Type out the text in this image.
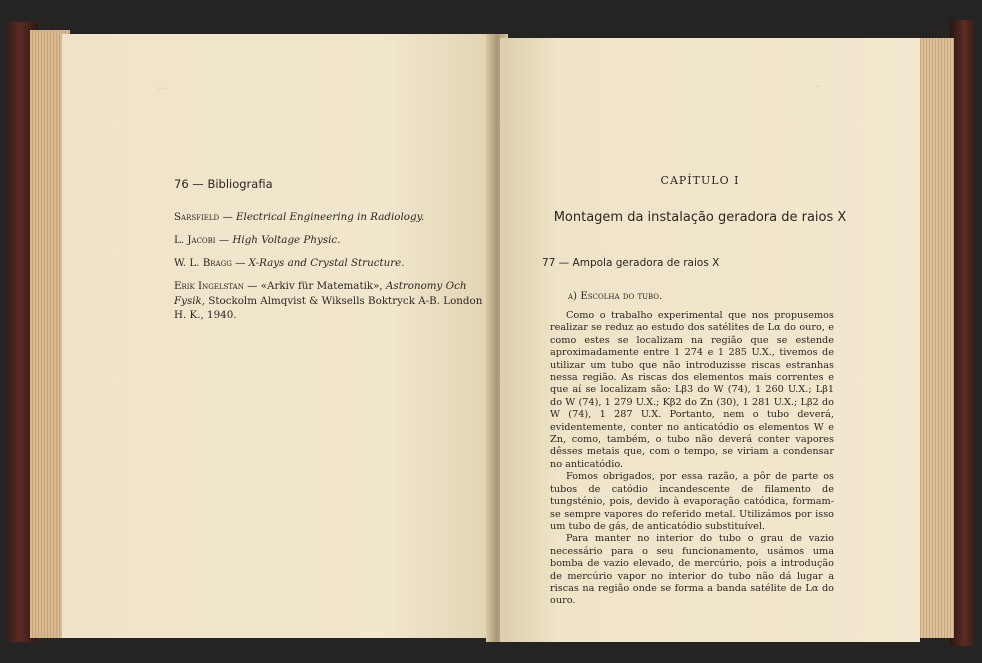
···
76 — Bibliografia
Sarsfield — Electrical Engineering in Radiology.
L. Jacobi — High Voltage Physic.
W. L. Bragg — X-Rays and Crystal Structure.
Erik Ingelstan — «Arkiv für Matematik», Astronomy Och Fysik, Stockolm Almqvist & Wiksells Boktryck A-B. London H. K., 1940.
···
CAPÍTULO I
Montagem da instalação geradora de raios X
77 — Ampola geradora de raios X
a) Escolha do tubo.

Como o trabalho experimental que nos propusemos realizar se reduz ao estudo dos satélites de Lα do ouro, e como estes se localizam na região que se estende aproximadamente entre 1 274 e 1 285 U.X., tivemos de utilizar um tubo que não introduzisse riscas estranhas nessa região. As riscas dos elementos mais correntes e que aí se localizam são: Lβ3 do W (74), 1 260 U.X.; Lβ1 do W (74), 1 279 U.X.; Kβ2 do Zn (30), 1 281 U.X.; Lβ2 do W (74), 1 287 U.X. Portanto, nem o tubo deverá, evidentemente, conter no anticatódio os elementos W e Zn, como, também, o tubo não deverá conter vapores dêsses metais que, com o tempo, se viriam a condensar no anticatódio.

Fomos obrigados, por essa razão, a pôr de parte os tubos de catódio incandescente de filamento de tungsténio, pois, devido à evaporação catódica, formam-se sempre vapores do referido metal. Utilizámos por isso um tubo de gás, de anticatódio substituível.

Para manter no interior do tubo o grau de vazio necessário para o seu funcionamento, usámos uma bomba de vazio elevado, de mercúrio, pois a introdução de mercúrio vapor no interior do tubo não dá lugar a riscas na região onde se forma a banda satélite de Lα do ouro.
